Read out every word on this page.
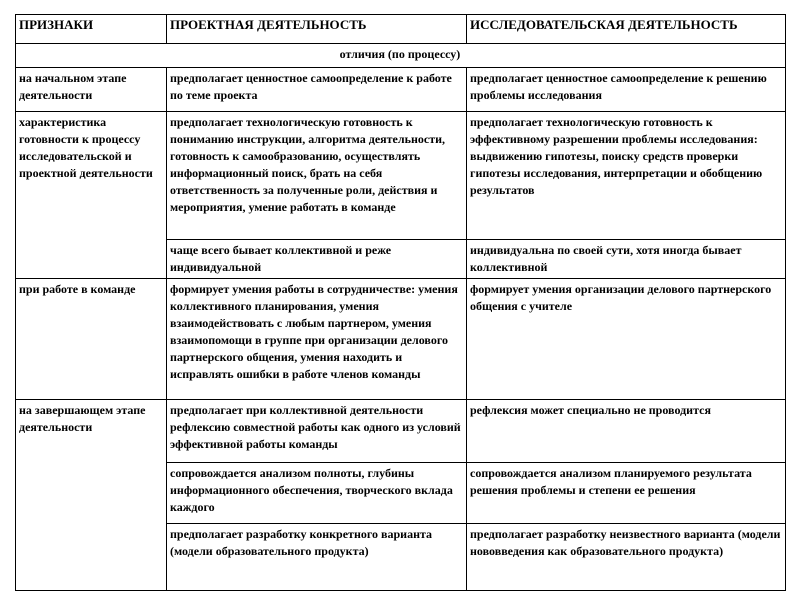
ПРИЗНАКИ	ПРОЕКТНАЯ ДЕЯТЕЛЬНОСТЬ	ИССЛЕДОВАТЕЛЬСКАЯ ДЕЯТЕЛЬНОСТЬ
отличия (по процессу)		
на начальном этапе деятельности	предполагает ценностное самоопределение к работе по теме проекта	предполагает ценностное самоопределение к решению проблемы исследования
характеристика готовности к процессу исследовательской и проектной деятельности	предполагает технологическую готовность к пониманию инструкции, алгоритма деятельности, готовность к самообразованию, осуществлять информационный поиск, брать на себя ответственность за полученные роли, действия и мероприятия, умение работать в команде	предполагает технологическую готовность к эффективному разрешении проблемы исследования: выдвижению гипотезы, поиску средств проверки гипотезы исследования, интерпретации и обобщению результатов
	чаще всего бывает коллективной и реже индивидуальной	индивидуальна по своей сути, хотя иногда бывает коллективной
при работе в команде	формирует умения работы в сотрудничестве: умения коллективного планирования, умения взаимодействовать с любым партнером, умения взаимопомощи в группе при организации делового партнерского общения, умения находить и исправлять ошибки в работе членов команды	формирует умения организации делового партнерского общения с учителе
на завершающем этапе деятельности	предполагает при коллективной деятельности рефлексию совместной работы как одного из условий эффективной работы команды	рефлексия может специально не проводится
	сопровождается анализом полноты, глубины информационного обеспечения, творческого вклада каждого	сопровождается анализом планируемого результата решения проблемы и степени ее решения
	предполагает разработку конкретного варианта (модели образовательного продукта)	предполагает разработку неизвестного варианта (модели нововведения как образовательного продукта)
